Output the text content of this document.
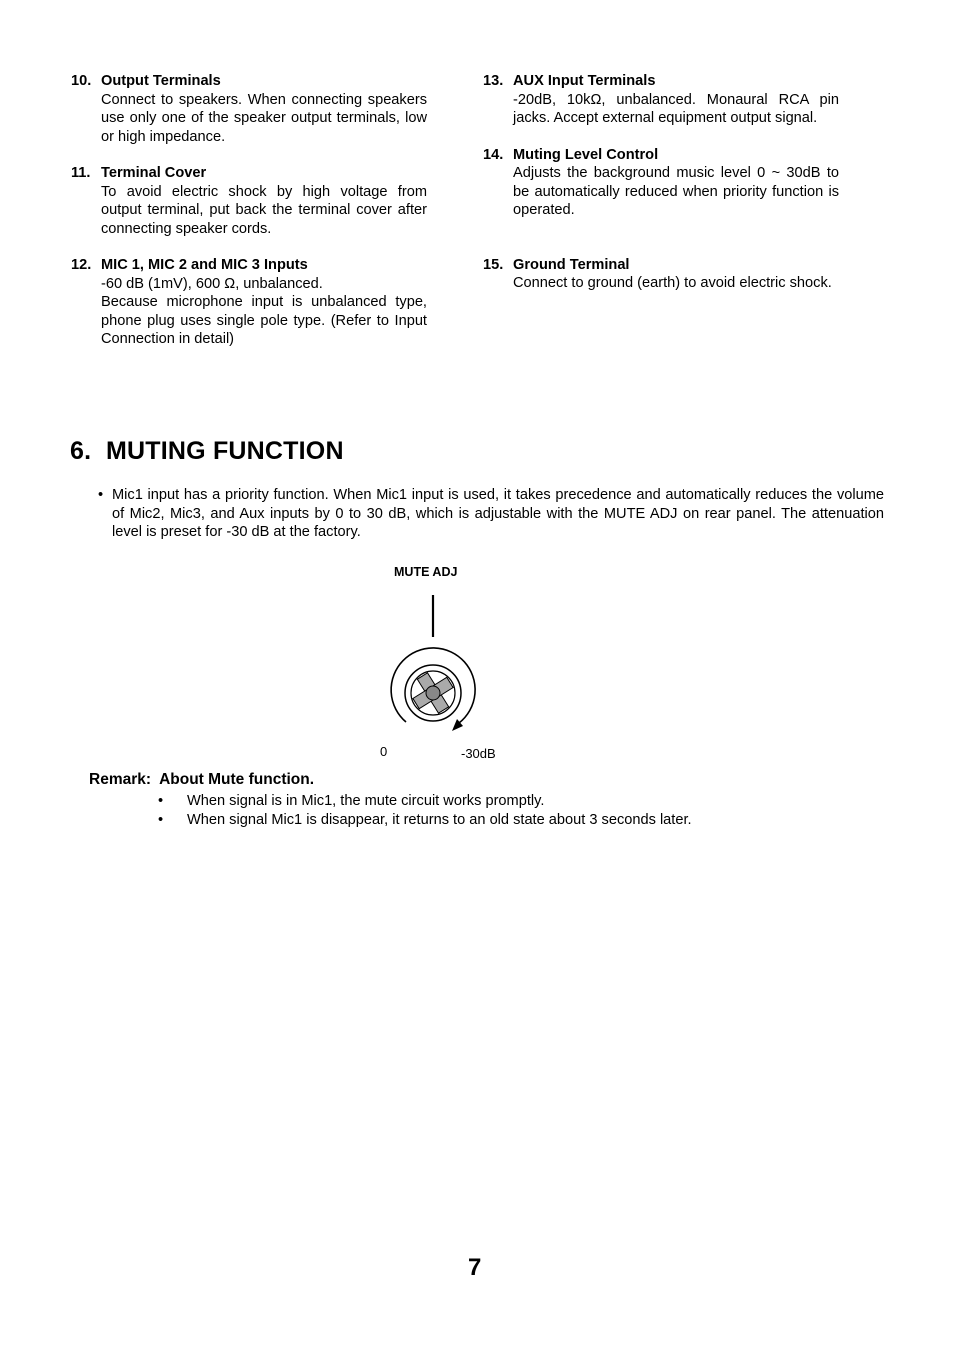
10. Output Terminals

Connect to speakers. When connecting speakers use only one of the speaker output terminals, low or high impedance.

11. Terminal Cover

To avoid electric shock by high voltage from output terminal, put back the terminal cover after connecting speaker cords.

12. MIC 1, MIC 2 and MIC 3 Inputs

-60 dB (1mV), 600 Ω, unbalanced.

Because microphone input is unbalanced type, phone plug uses single pole type. (Refer to Input Connection in detail)

13. AUX Input Terminals

-20dB, 10kΩ, unbalanced. Monaural RCA pin jacks. Accept external equipment output signal.

14. Muting Level Control

Adjusts the background music level 0 ~ 30dB to be automatically reduced when priority function is operated.

15. Ground Terminal

Connect to ground (earth) to avoid electric shock.

6. MUTING FUNCTION
• Mic1 input has a priority function. When Mic1 input is used, it takes precedence and automatically reduces the volume of Mic2, Mic3, and Aux inputs by 0 to 30 dB, which is adjustable with the MUTE ADJ on rear panel. The attenuation level is preset for -30 dB at the factory.
MUTE ADJ
0	-30dB
Remark:  About Mute function.
• When signal is in Mic1, the mute circuit works promptly.
• When signal Mic1 is disappear, it returns to an old state about 3 seconds later.
7
